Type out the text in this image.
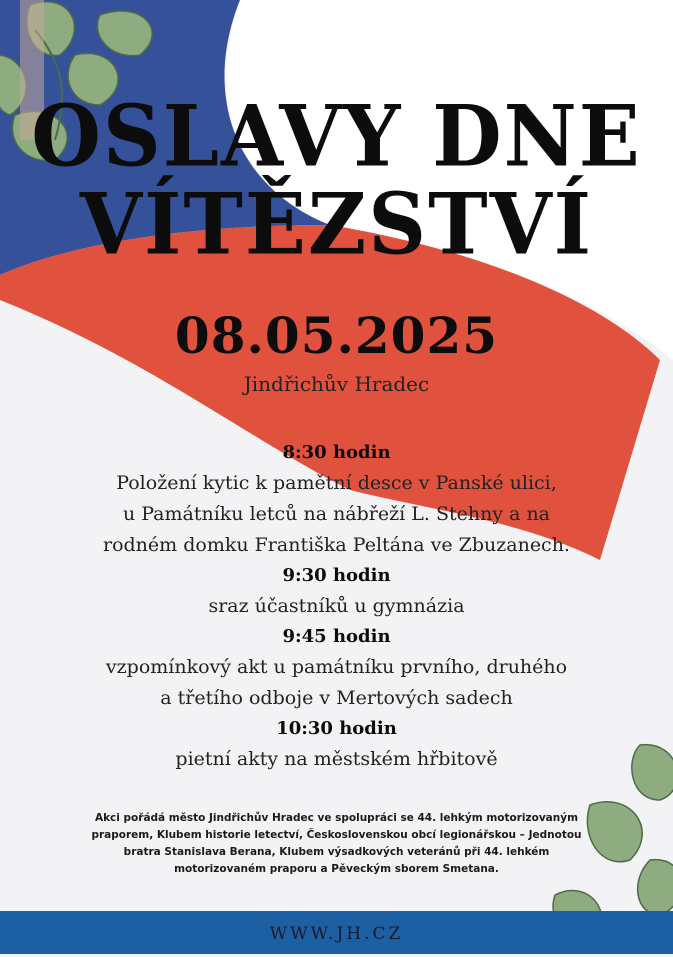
OSLAVY DNE
VÍTĚZSTVÍ
08.05.2025
Jindřichův Hradec
8:30 hodin
Položení kytic k pamětní desce v Panské ulici,
u Památníku letců na nábřeží L. Stehny a na
rodném domku Františka Peltána ve Zbuzanech.
9:30 hodin
sraz účastníků u gymnázia
9:45 hodin
vzpomínkový akt u památníku prvního, druhého
a třetího odboje v Mertových sadech
10:30 hodin
pietní akty na městském hřbitově
Akci pořádá město Jindřichův Hradec ve spolupráci se 44. lehkým motorizovaným
praporem, Klubem historie letectví, Československou obcí legionářskou – Jednotou
bratra Stanislava Berana, Klubem výsadkových veteránů při 44. lehkém
motorizovaném praporu a Pěveckým sborem Smetana.
WWW.JH.CZ
